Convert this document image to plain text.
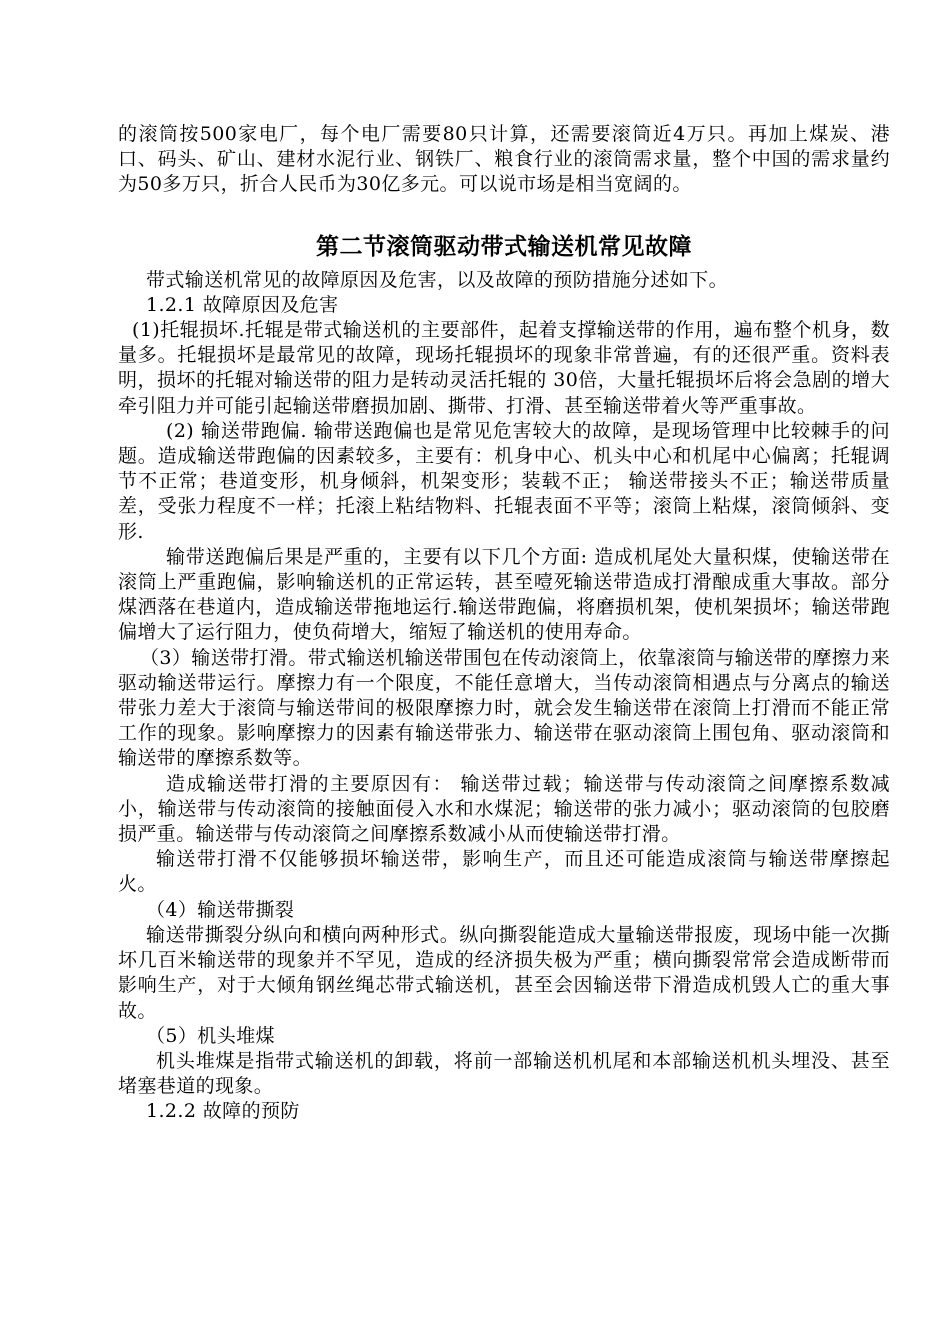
的滚筒按500家电厂，每个电厂需要80只计算，还需要滚筒近4万只。再加上煤炭、港口、码头、矿山、建材水泥行业、钢铁厂、粮食行业的滚筒需求量，整个中国的需求量约为50多万只，折合人民币为30亿多元。可以说市场是相当宽阔的。

第二节滚筒驱动带式输送机常见故障

带式输送机常见的故障原因及危害，以及故障的预防措施分述如下。

1.2.1 故障原因及危害

(1)托辊损坏.托辊是带式输送机的主要部件，起着支撑输送带的作用，遍布整个机身，数量多。托辊损坏是最常见的故障，现场托辊损坏的现象非常普遍，有的还很严重。资料表明，损坏的托辊对输送带的阻力是转动灵活托辊的 30倍，大量托辊损坏后将会急剧的增大牵引阻力并可能引起输送带磨损加剧、撕带、打滑、甚至输送带着火等严重事故。

(2) 输送带跑偏. 输带送跑偏也是常见危害较大的故障，是现场管理中比较棘手的问题。造成输送带跑偏的因素较多，主要有：机身中心、机头中心和机尾中心偏离；托辊调节不正常；巷道变形，机身倾斜，机架变形；装载不正； 输送带接头不正；输送带质量差，受张力程度不一样；托滚上粘结物料、托辊表面不平等；滚筒上粘煤，滚筒倾斜、变形.

输带送跑偏后果是严重的，主要有以下几个方面: 造成机尾处大量积煤，使输送带在滚筒上严重跑偏，影响输送机的正常运转，甚至噎死输送带造成打滑酿成重大事故。部分煤洒落在巷道内，造成输送带拖地运行.输送带跑偏，将磨损机架，使机架损坏；输送带跑偏增大了运行阻力，使负荷增大，缩短了输送机的使用寿命。

（3）输送带打滑。带式输送机输送带围包在传动滚筒上，依靠滚筒与输送带的摩擦力来驱动输送带运行。摩擦力有一个限度，不能任意增大，当传动滚筒相遇点与分离点的输送带张力差大于滚筒与输送带间的极限摩擦力时，就会发生输送带在滚筒上打滑而不能正常工作的现象。影响摩擦力的因素有输送带张力、输送带在驱动滚筒上围包角、驱动滚筒和输送带的摩擦系数等。

造成输送带打滑的主要原因有： 输送带过载；输送带与传动滚筒之间摩擦系数减小，输送带与传动滚筒的接触面侵入水和水煤泥；输送带的张力减小；驱动滚筒的包胶磨损严重。输送带与传动滚筒之间摩擦系数减小从而使输送带打滑。

输送带打滑不仅能够损坏输送带，影响生产，而且还可能造成滚筒与输送带摩擦起火。

（4）输送带撕裂

输送带撕裂分纵向和横向两种形式。纵向撕裂能造成大量输送带报废，现场中能一次撕坏几百米输送带的现象并不罕见，造成的经济损失极为严重；横向撕裂常常会造成断带而影响生产，对于大倾角钢丝绳芯带式输送机，甚至会因输送带下滑造成机毁人亡的重大事故。

（5）机头堆煤

机头堆煤是指带式输送机的卸载，将前一部输送机机尾和本部输送机机头埋没、甚至堵塞巷道的现象。

1.2.2 故障的预防
